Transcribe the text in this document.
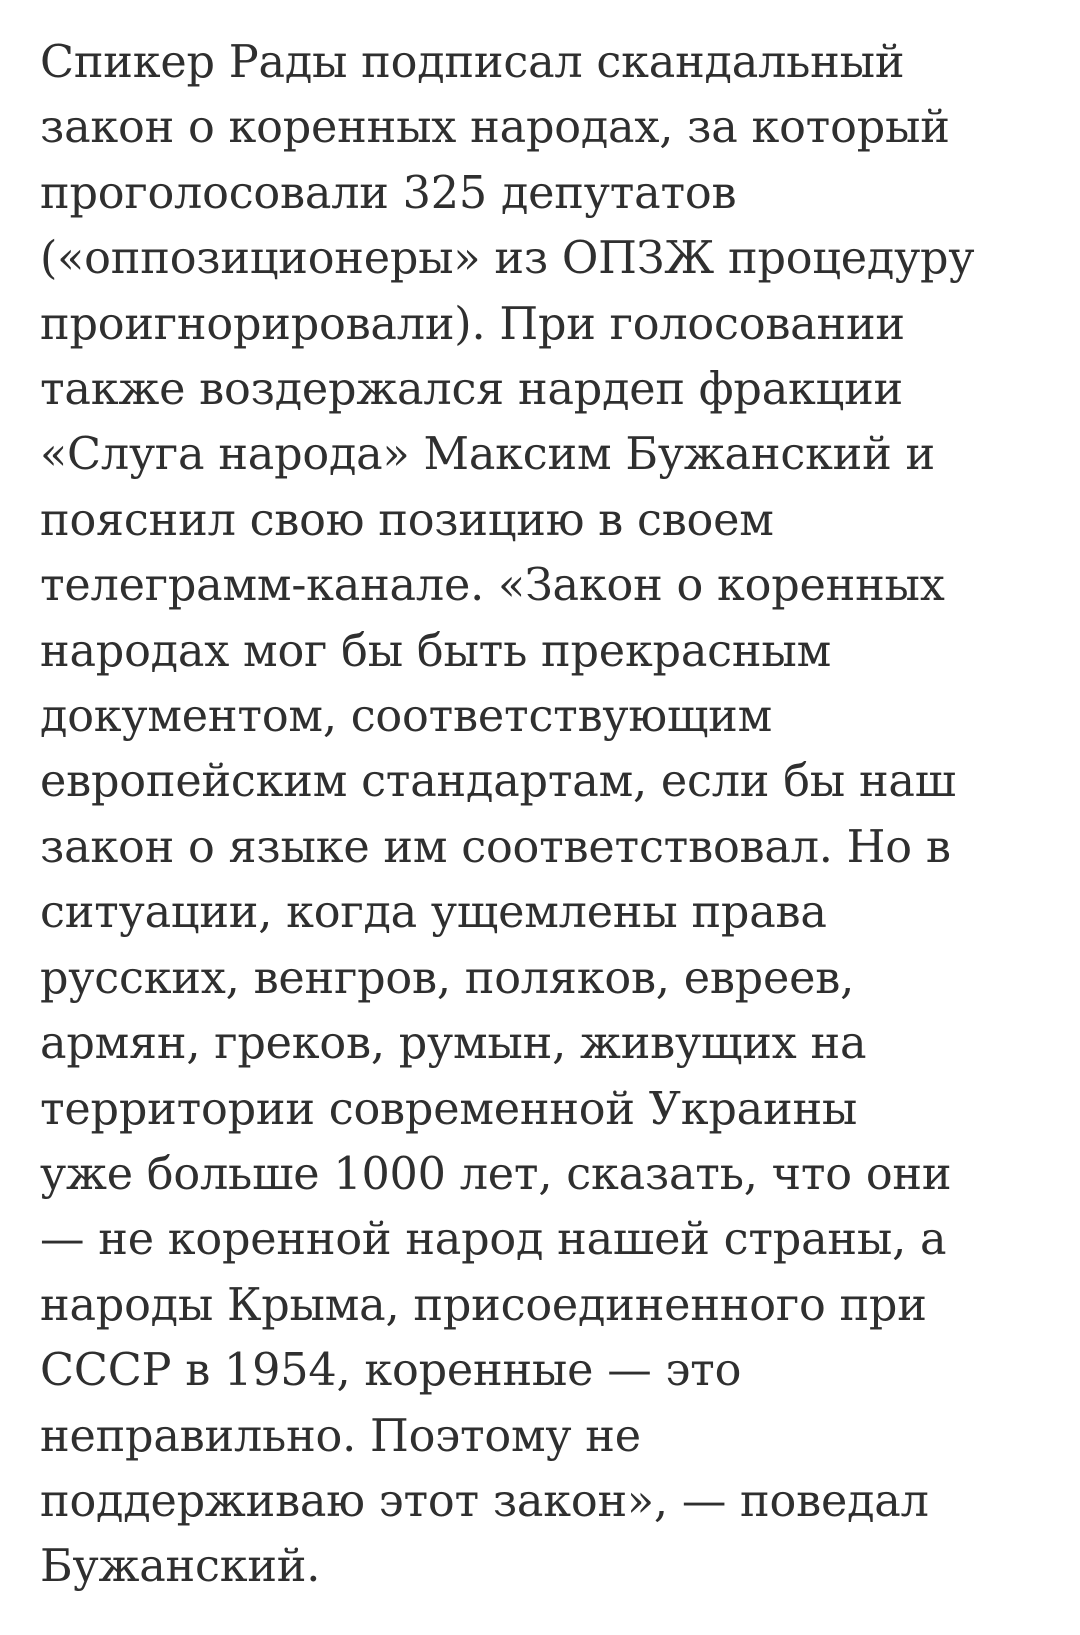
Спикер Рады подписал скандальный
закон о коренных народах, за который
проголосовали 325 депутатов
(«оппозиционеры» из ОПЗЖ процедуру
проигнорировали). При голосовании
также воздержался нардеп фракции
«Слуга народа» Максим Бужанский и
пояснил свою позицию в своем
телеграмм-канале. «Закон о коренных
народах мог бы быть прекрасным
документом, соответствующим
европейским стандартам, если бы наш
закон о языке им соответствовал. Но в
ситуации, когда ущемлены права
русских, венгров, поляков, евреев,
армян, греков, румын, живущих на
территории современной Украины
уже больше 1000 лет, сказать, что они
— не коренной народ нашей страны, а
народы Крыма, присоединенного при
СССР в 1954, коренные — это
неправильно. Поэтому не
поддерживаю этот закон», — поведал
Бужанский.
